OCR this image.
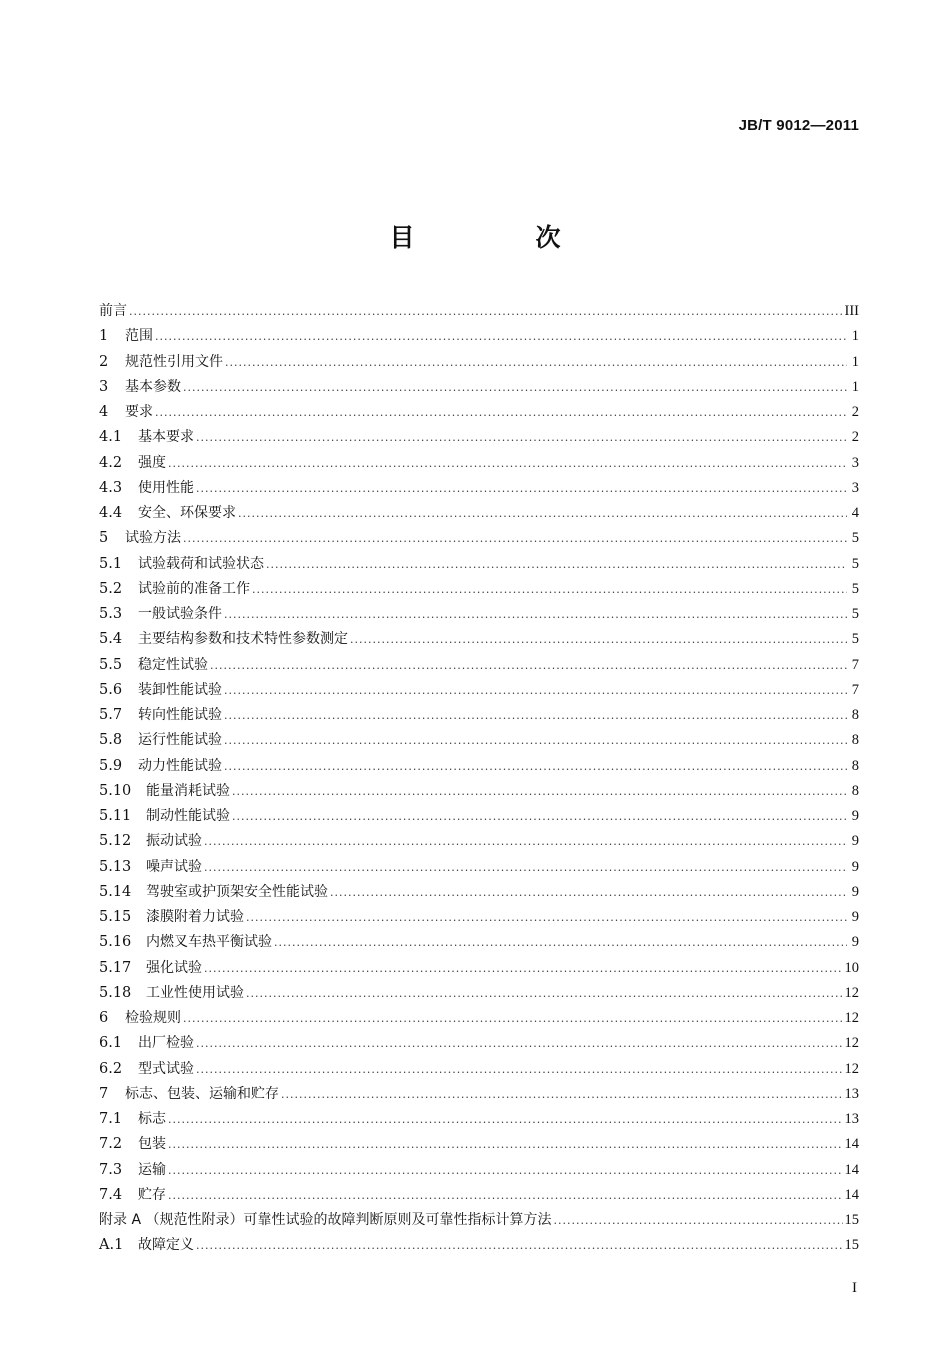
JB/T 9012—2011
目　次
前言 .....	III
1	范围 .....	1
2	规范性引用文件 .....	1
3	基本参数 .....	1
4	要求 .....	2
4.1	基本要求 .....	2
4.2	强度 .....	3
4.3	使用性能 .....	3
4.4	安全、环保要求 .....	4
5	试验方法 .....	5
5.1	试验载荷和试验状态 .....	5
5.2	试验前的准备工作 .....	5
5.3	一般试验条件 .....	5
5.4	主要结构参数和技术特性参数测定 .....	5
5.5	稳定性试验 .....	7
5.6	装卸性能试验 .....	7
5.7	转向性能试验 .....	8
5.8	运行性能试验 .....	8
5.9	动力性能试验 .....	8
5.10	能量消耗试验 .....	8
5.11	制动性能试验 .....	9
5.12	振动试验 .....	9
5.13	噪声试验 .....	9
5.14	驾驶室或护顶架安全性能试验 .....	9
5.15	漆膜附着力试验 .....	9
5.16	内燃叉车热平衡试验 .....	9
5.17	强化试验 .....	10
5.18	工业性使用试验 .....	12
6	检验规则 .....	12
6.1	出厂检验 .....	12
6.2	型式试验 .....	12
7	标志、包装、运输和贮存 .....	13
7.1	标志 .....	13
7.2	包装 .....	14
7.3	运输 .....	14
7.4	贮存 .....	14
附录 A （规范性附录）可靠性试验的故障判断原则及可靠性指标计算方法 .....	15
A.1	故障定义 .....	15
I
